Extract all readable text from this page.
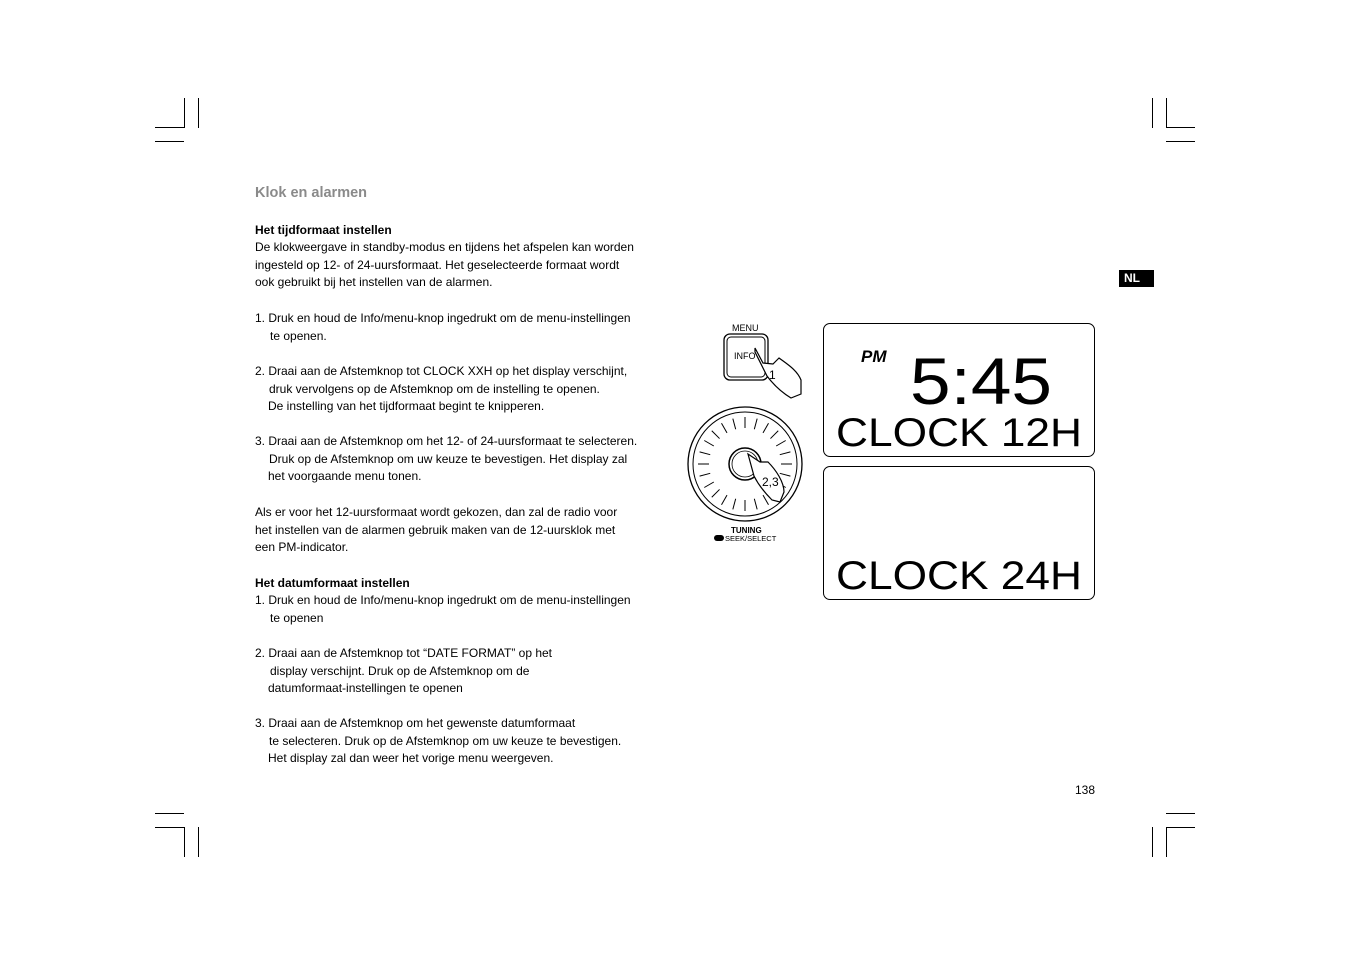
Klok en alarmen
Het tijdformaat instellen
De klokweergave in standby-modus en tijdens het afspelen kan worden
ingesteld op 12- of 24-uursformaat. Het geselecteerde formaat wordt
ook gebruikt bij het instellen van de alarmen.
1. Druk en houd de Info/menu-knop ingedrukt om de menu-instellingen
te openen.
2. Draai aan de Afstemknop tot CLOCK XXH op het display verschijnt,
druk vervolgens op de Afstemknop om de instelling te openen.
De instelling van het tijdformaat begint te knipperen.
3. Draai aan de Afstemknop om het 12- of 24-uursformaat te selecteren.
Druk op de Afstemknop om uw keuze te bevestigen. Het display zal
het voorgaande menu tonen.
Als er voor het 12-uursformaat wordt gekozen, dan zal de radio voor
het instellen van de alarmen gebruik maken van de 12-uursklok met
een PM-indicator.
Het datumformaat instellen
1. Druk en houd de Info/menu-knop ingedrukt om de menu-instellingen
te openen
2. Draai aan de Afstemknop tot “DATE FORMAT” op het
display verschijnt. Druk op de Afstemknop om de
datumformaat-instellingen te openen
3. Draai aan de Afstemknop om het gewenste datumformaat
te selecteren. Druk op de Afstemknop om uw keuze te bevestigen.
Het display zal dan weer het vorige menu weergeven.
NL
138
MENU
INFO
1
2,3
TUNING
SEEK/SELECT
PM 5:45
CLOCK 12H
CLOCK 24H
